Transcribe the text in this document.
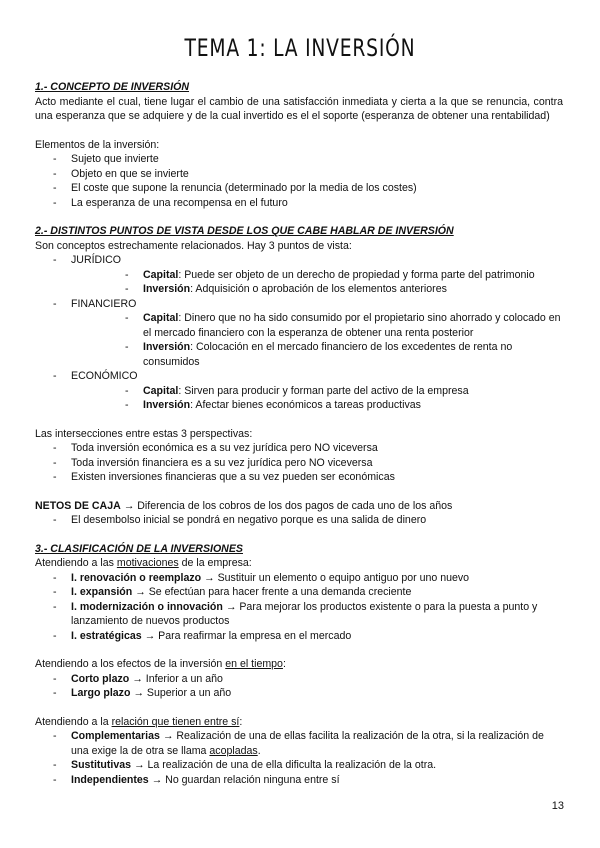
TEMA 1: LA INVERSIÓN

1.- CONCEPTO DE INVERSIÓN

Acto mediante el cual, tiene lugar el cambio de una satisfacción inmediata y cierta a la que se renuncia, contra una esperanza que se adquiere y de la cual invertido es el el soporte (esperanza de obtener una rentabilidad)

Elementos de la inversión:

- Sujeto que invierte
- Objeto en que se invierte
- El coste que supone la renuncia (determinado por la media de los costes)
- La esperanza de una recompensa en el futuro

2.- DISTINTOS PUNTOS DE VISTA DESDE LOS QUE CABE HABLAR DE INVERSIÓN

Son conceptos estrechamente relacionados. Hay 3 puntos de vista:

- JURÍDICO
- Capital: Puede ser objeto de un derecho de propiedad y forma parte del patrimonio
- Inversión: Adquisición o aprobación de los elementos anteriores
- FINANCIERO
- Capital: Dinero que no ha sido consumido por el propietario sino ahorrado y colocado en el mercado financiero con la esperanza de obtener una renta posterior
- Inversión: Colocación en el mercado financiero de los excedentes de renta no consumidos
- ECONÓMICO
- Capital: Sirven para producir y forman parte del activo de la empresa
- Inversión: Afectar bienes económicos a tareas productivas

Las intersecciones entre estas 3 perspectivas:

- Toda inversión económica es a su vez jurídica pero NO viceversa
- Toda inversión financiera es a su vez jurídica pero NO viceversa
- Existen inversiones financieras que a su vez pueden ser económicas

NETOS DE CAJA → Diferencia de los cobros de los dos pagos de cada uno de los años

- El desembolso inicial se pondrá en negativo porque es una salida de dinero

3.- CLASIFICACIÓN DE LA INVERSIONES

Atendiendo a las motivaciones de la empresa:

- I. renovación o reemplazo → Sustituir un elemento o equipo antiguo por uno nuevo
- I. expansión → Se efectúan para hacer frente a una demanda creciente
- I. modernización o innovación → Para mejorar los productos existente o para la puesta a punto y lanzamiento de nuevos productos
- I. estratégicas → Para reafirmar la empresa en el mercado

Atendiendo a los efectos de la inversión en el tiempo:

- Corto plazo → Inferior a un año
- Largo plazo → Superior a un año

Atendiendo a la relación que tienen entre sí:

- Complementarias → Realización de una de ellas facilita la realización de la otra, si la realización de una exige la de otra se llama acopladas.
- Sustitutivas → La realización de una de ella dificulta la realización de la otra.
- Independientes → No guardan relación ninguna entre sí
13
